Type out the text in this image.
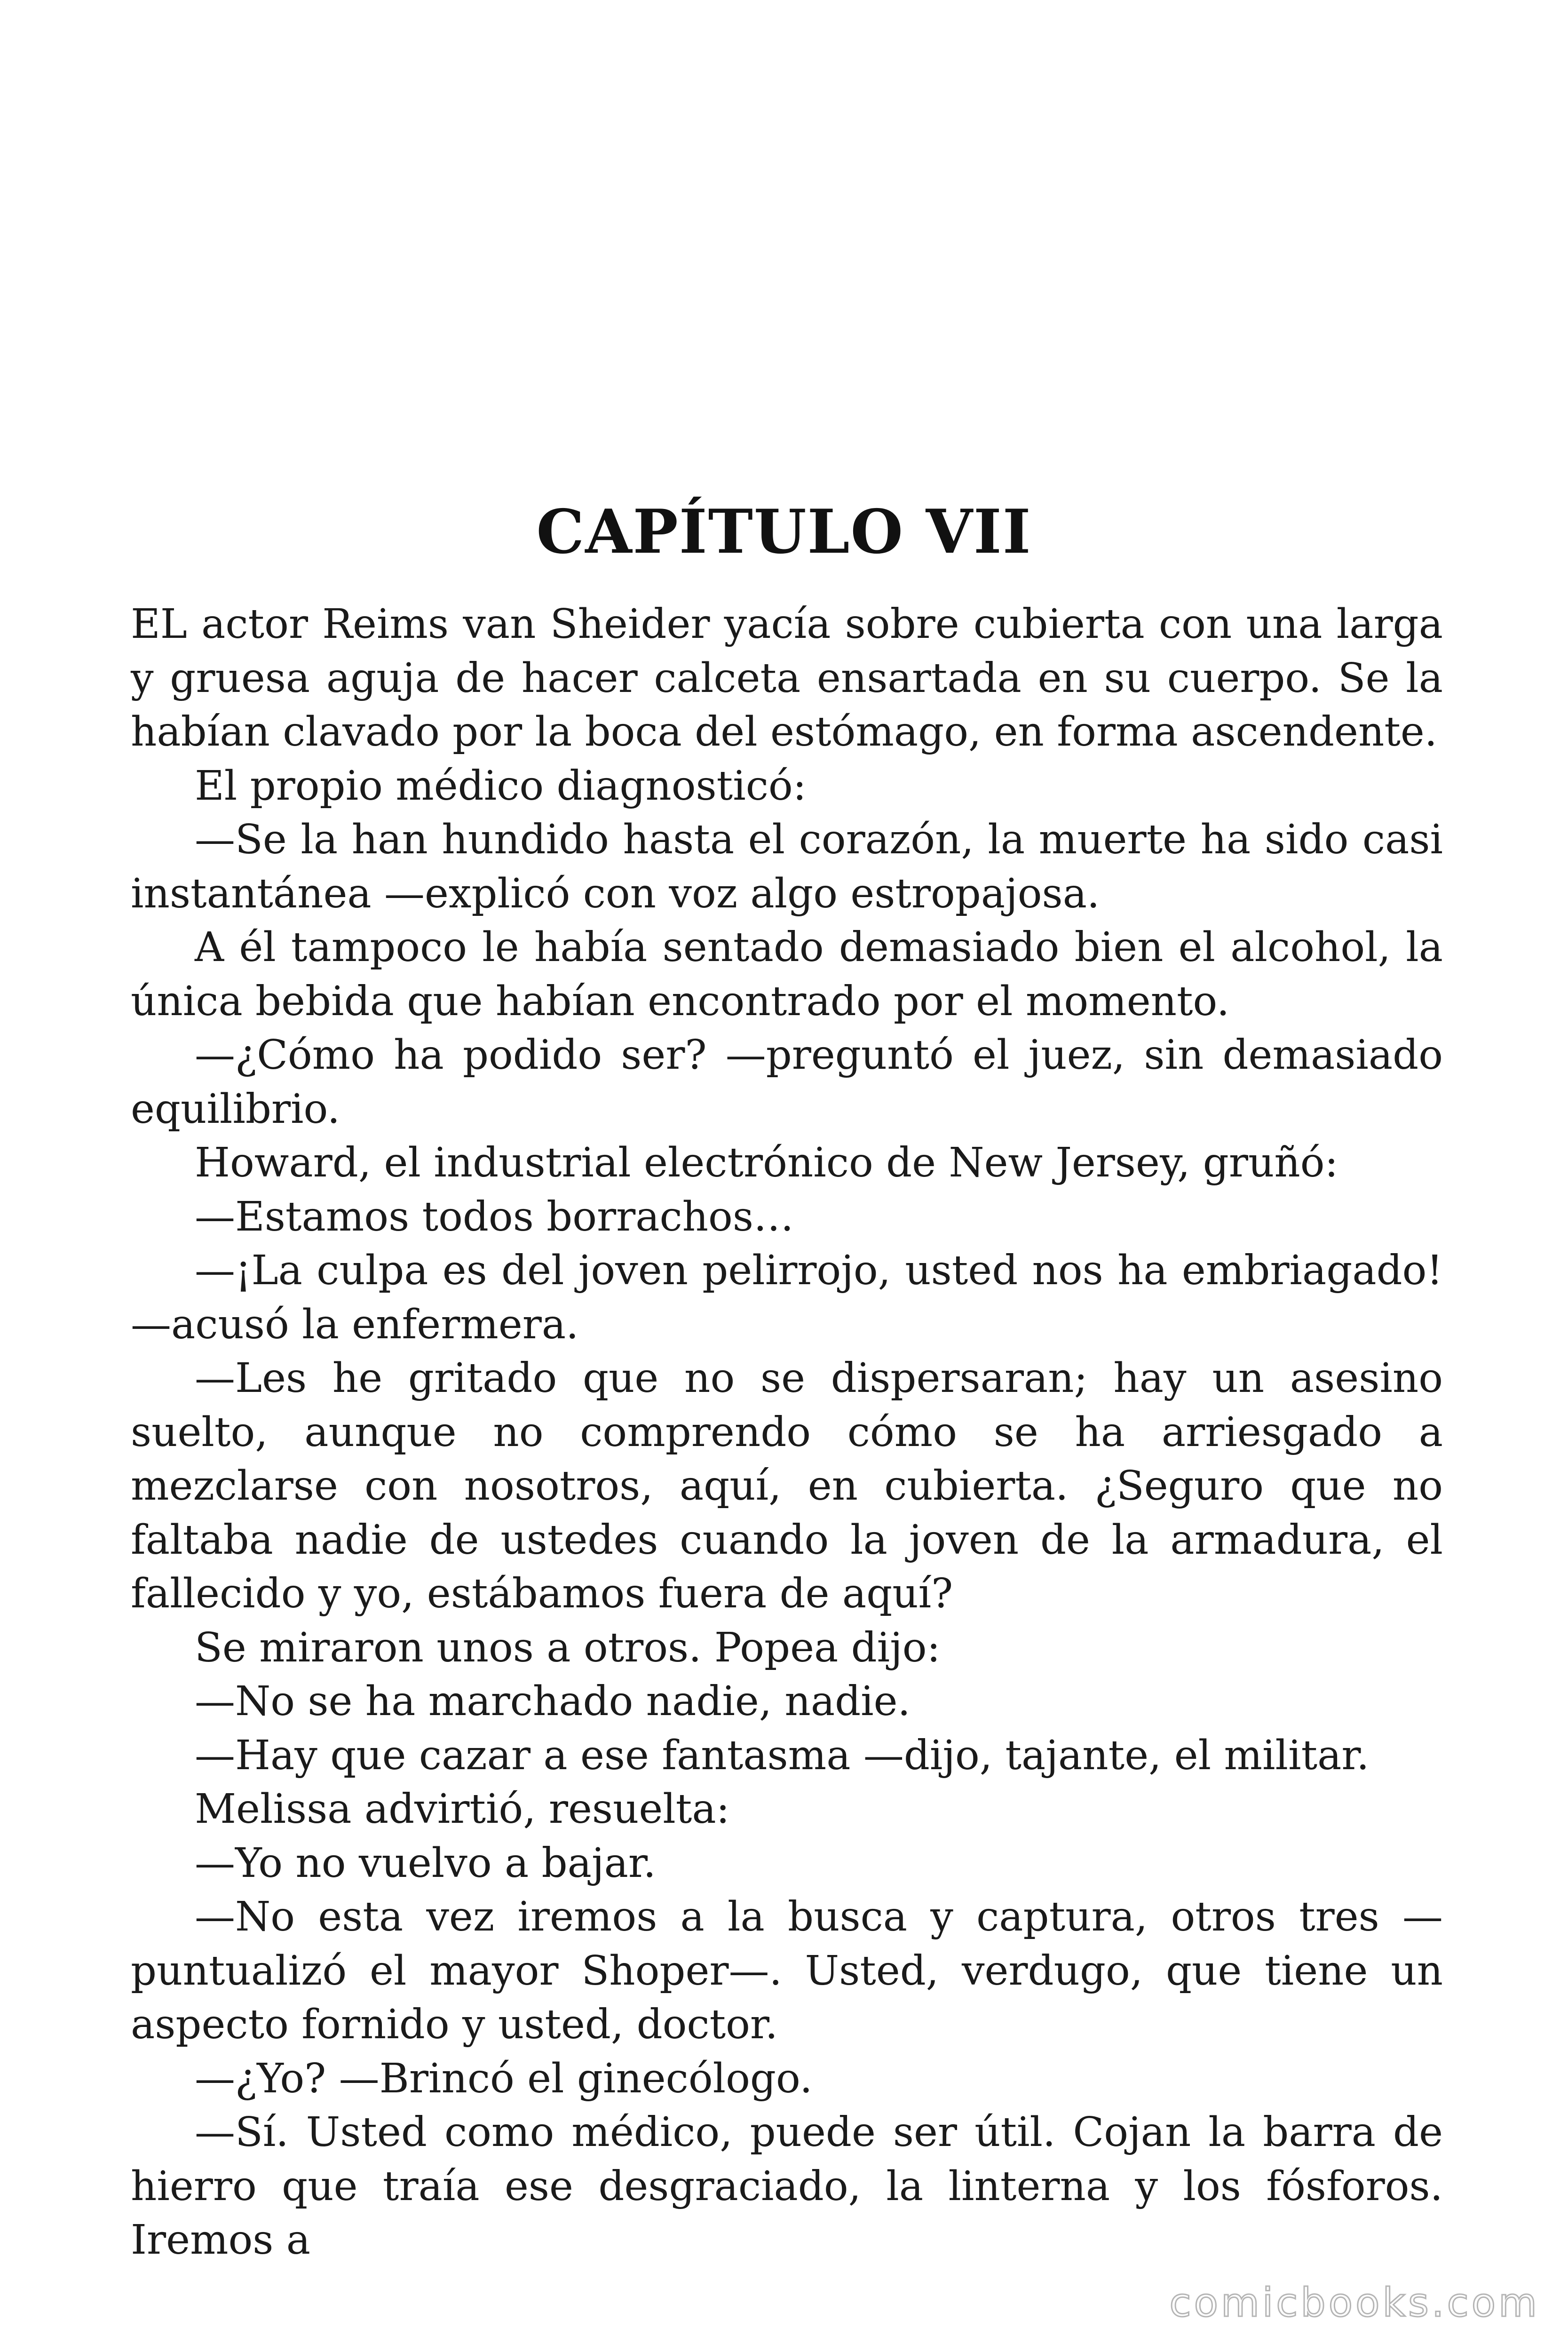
CAPÍTULO VII

EL actor Reims van Sheider yacía sobre cubierta con una larga y gruesa aguja de hacer calceta ensartada en su cuerpo. Se la habían clavado por la boca del estómago, en forma ascendente.

El propio médico diagnosticó:

—Se la han hundido hasta el corazón, la muerte ha sido casi instantánea —explicó con voz algo estropajosa.

A él tampoco le había sentado demasiado bien el alcohol, la única bebida que habían encontrado por el momento.

—¿Cómo ha podido ser? —preguntó el juez, sin demasiado equilibrio.

Howard, el industrial electrónico de New Jersey, gruñó:

—Estamos todos borrachos…

—¡La culpa es del joven pelirrojo, usted nos ha embriagado! —acusó la enfermera.

—Les he gritado que no se dispersaran; hay un asesino suelto, aunque no comprendo cómo se ha arriesgado a mezclarse con nosotros, aquí, en cubierta. ¿Seguro que no faltaba nadie de ustedes cuando la joven de la armadura, el fallecido y yo, estábamos fuera de aquí?

Se miraron unos a otros. Popea dijo:

—No se ha marchado nadie, nadie.

—Hay que cazar a ese fantasma —dijo, tajante, el militar.

Melissa advirtió, resuelta:

—Yo no vuelvo a bajar.

—No esta vez iremos a la busca y captura, otros tres —puntualizó el mayor Shoper—. Usted, verdugo, que tiene un aspecto fornido y usted, doctor.

—¿Yo? —Brincó el ginecólogo.

—Sí. Usted como médico, puede ser útil. Cojan la barra de hierro que traía ese desgraciado, la linterna y los fósforos. Iremos a

comicbooks.com
